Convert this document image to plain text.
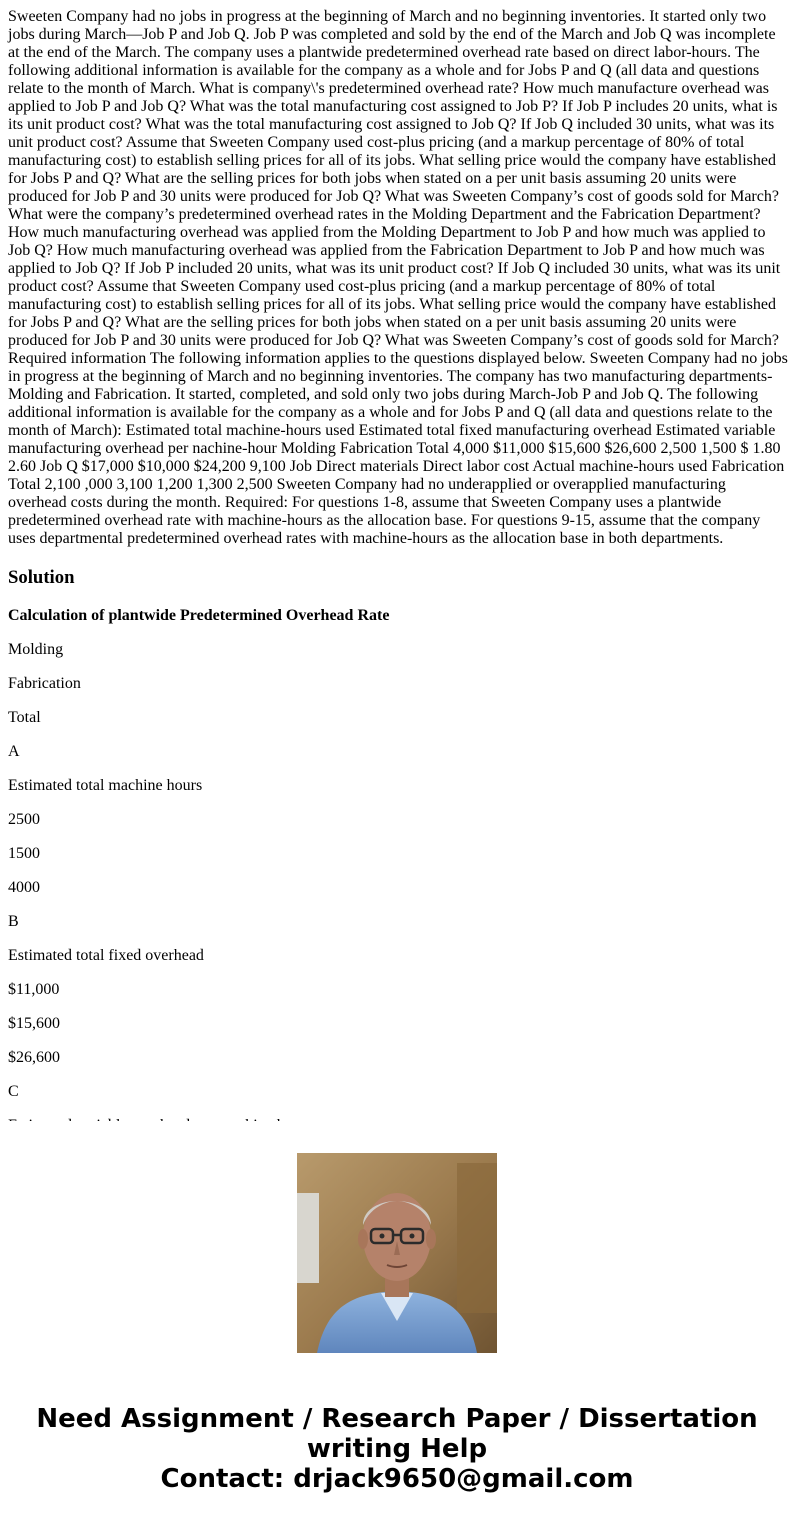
Sweeten Company had no jobs in progress at the beginning of March and no beginning inventories. It started only two jobs during March—Job P and Job Q. Job P was completed and sold by the end of the March and Job Q was incomplete at the end of the March. The company uses a plantwide predetermined overhead rate based on direct labor-hours. The following additional information is available for the company as a whole and for Jobs P and Q (all data and questions relate to the month of March. What is company\'s predetermined overhead rate? How much manufacture overhead was applied to Job P and Job Q? What was the total manufacturing cost assigned to Job P? If Job P includes 20 units, what is its unit product cost? What was the total manufacturing cost assigned to Job Q? If Job Q included 30 units, what was its unit product cost? Assume that Sweeten Company used cost-plus pricing (and a markup percentage of 80% of total manufacturing cost) to establish selling prices for all of its jobs. What selling price would the company have established for Jobs P and Q? What are the selling prices for both jobs when stated on a per unit basis assuming 20 units were produced for Job P and 30 units were produced for Job Q? What was Sweeten Company’s cost of goods sold for March? What were the company’s predetermined overhead rates in the Molding Department and the Fabrication Department? How much manufacturing overhead was applied from the Molding Department to Job P and how much was applied to Job Q? How much manufacturing overhead was applied from the Fabrication Department to Job P and how much was applied to Job Q? If Job P included 20 units, what was its unit product cost? If Job Q included 30 units, what was its unit product cost? Assume that Sweeten Company used cost-plus pricing (and a markup percentage of 80% of total manufacturing cost) to establish selling prices for all of its jobs. What selling price would the company have established for Jobs P and Q? What are the selling prices for both jobs when stated on a per unit basis assuming 20 units were produced for Job P and 30 units were produced for Job Q? What was Sweeten Company’s cost of goods sold for March? Required information The following information applies to the questions displayed below. Sweeten Company had no jobs in progress at the beginning of March and no beginning inventories. The company has two manufacturing departments-Molding and Fabrication. It started, completed, and sold only two jobs during March-Job P and Job Q. The following additional information is available for the company as a whole and for Jobs P and Q (all data and questions relate to the month of March): Estimated total machine-hours used Estimated total fixed manufacturing overhead Estimated variable manufacturing overhead per nachine-hour Molding Fabrication Total 4,000 $11,000 $15,600 $26,600 2,500 1,500 $ 1.80 2.60 Job Q $17,000 $10,000 $24,200 9,100 Job Direct materials Direct labor cost Actual machine-hours used Fabrication Total 2,100 ,000 3,100 1,200 1,300 2,500 Sweeten Company had no underapplied or overapplied manufacturing overhead costs during the month. Required: For questions 1-8, assume that Sweeten Company uses a plantwide predetermined overhead rate with machine-hours as the allocation base. For questions 9-15, assume that the company uses departmental predetermined overhead rates with machine-hours as the allocation base in both departments.

Solution
Calculation of plantwide Predetermined Overhead Rate

Molding

Fabrication

Total

A

Estimated total machine hours

2500

1500

4000

B

Estimated total fixed overhead

$11,000

$15,600

$26,600

C

Need Assignment / Research Paper / Dissertation
writing Help
Contact: drjack9650@gmail.com
